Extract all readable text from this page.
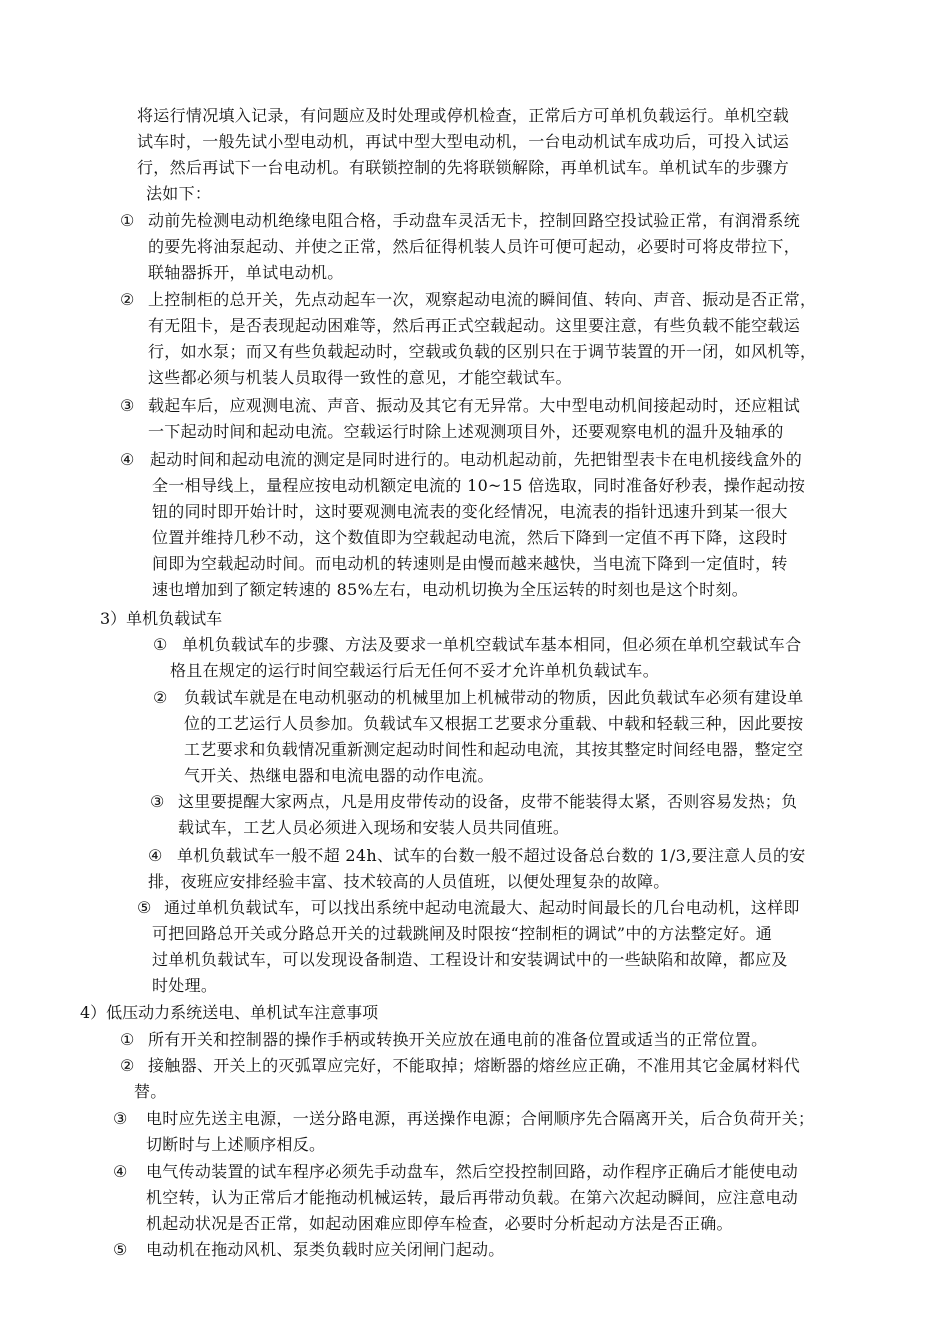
将运行情况填入记录，有问题应及时处理或停机检查，正常后方可单机负载运行。单机空载
试车时，一般先试小型电动机，再试中型大型电动机，一台电动机试车成功后，可投入试运
行，然后再试下一台电动机。有联锁控制的先将联锁解除，再单机试车。单机试车的步骤方
法如下：
① 动前先检测电动机绝缘电阻合格，手动盘车灵活无卡，控制回路空投试验正常，有润滑系统
的要先将油泵起动、并使之正常，然后征得机装人员许可便可起动，必要时可将皮带拉下，
联轴器拆开，单试电动机。
② 上控制柜的总开关，先点动起车一次，观察起动电流的瞬间值、转向、声音、振动是否正常，
有无阻卡，是否表现起动困难等，然后再正式空载起动。这里要注意，有些负载不能空载运
行，如水泵；而又有些负载起动时，空载或负载的区别只在于调节装置的开一闭，如风机等，
这些都必须与机装人员取得一致性的意见，才能空载试车。
③ 载起车后，应观测电流、声音、振动及其它有无异常。大中型电动机间接起动时，还应粗试
一下起动时间和起动电流。空载运行时除上述观测项目外，还要观察电机的温升及轴承的
④ 起动时间和起动电流的测定是同时进行的。电动机起动前，先把钳型表卡在电机接线盒外的
全一相导线上，量程应按电动机额定电流的 10~15 倍选取，同时准备好秒表，操作起动按
钮的同时即开始计时，这时要观测电流表的变化经情况，电流表的指针迅速升到某一很大
位置并维持几秒不动，这个数值即为空载起动电流，然后下降到一定值不再下降，这段时
间即为空载起动时间。而电动机的转速则是由慢而越来越快，当电流下降到一定值时，转
速也增加到了额定转速的 85%左右，电动机切换为全压运转的时刻也是这个时刻。
3）单机负载试车
① 单机负载试车的步骤、方法及要求一单机空载试车基本相同，但必须在单机空载试车合
格且在规定的运行时间空载运行后无任何不妥才允许单机负载试车。
② 负载试车就是在电动机驱动的机械里加上机械带动的物质，因此负载试车必须有建设单
位的工艺运行人员参加。负载试车又根据工艺要求分重载、中载和轻载三种，因此要按
工艺要求和负载情况重新测定起动时间性和起动电流，其按其整定时间经电器，整定空
气开关、热继电器和电流电器的动作电流。
③ 这里要提醒大家两点，凡是用皮带传动的设备，皮带不能装得太紧，否则容易发热；负
载试车，工艺人员必须进入现场和安装人员共同值班。
④ 单机负载试车一般不超 24h、试车的台数一般不超过设备总台数的 1/3,要注意人员的安
排，夜班应安排经验丰富、技术较高的人员值班，以便处理复杂的故障。
⑤ 通过单机负载试车，可以找出系统中起动电流最大、起动时间最长的几台电动机，这样即
可把回路总开关或分路总开关的过载跳闸及时限按“控制柜的调试”中的方法整定好。通
过单机负载试车，可以发现设备制造、工程设计和安装调试中的一些缺陷和故障，都应及
时处理。
4）低压动力系统送电、单机试车注意事项
① 所有开关和控制器的操作手柄或转换开关应放在通电前的准备位置或适当的正常位置。
② 接触器、开关上的灭弧罩应完好，不能取掉；熔断器的熔丝应正确，不准用其它金属材料代
替。
③ 电时应先送主电源，一送分路电源，再送操作电源；合闸顺序先合隔离开关，后合负荷开关；
切断时与上述顺序相反。
④ 电气传动装置的试车程序必须先手动盘车，然后空投控制回路，动作程序正确后才能使电动
机空转，认为正常后才能拖动机械运转，最后再带动负载。在第六次起动瞬间，应注意电动
机起动状况是否正常，如起动困难应即停车检查，必要时分析起动方法是否正确。
⑤ 电动机在拖动风机、泵类负载时应关闭闸门起动。
